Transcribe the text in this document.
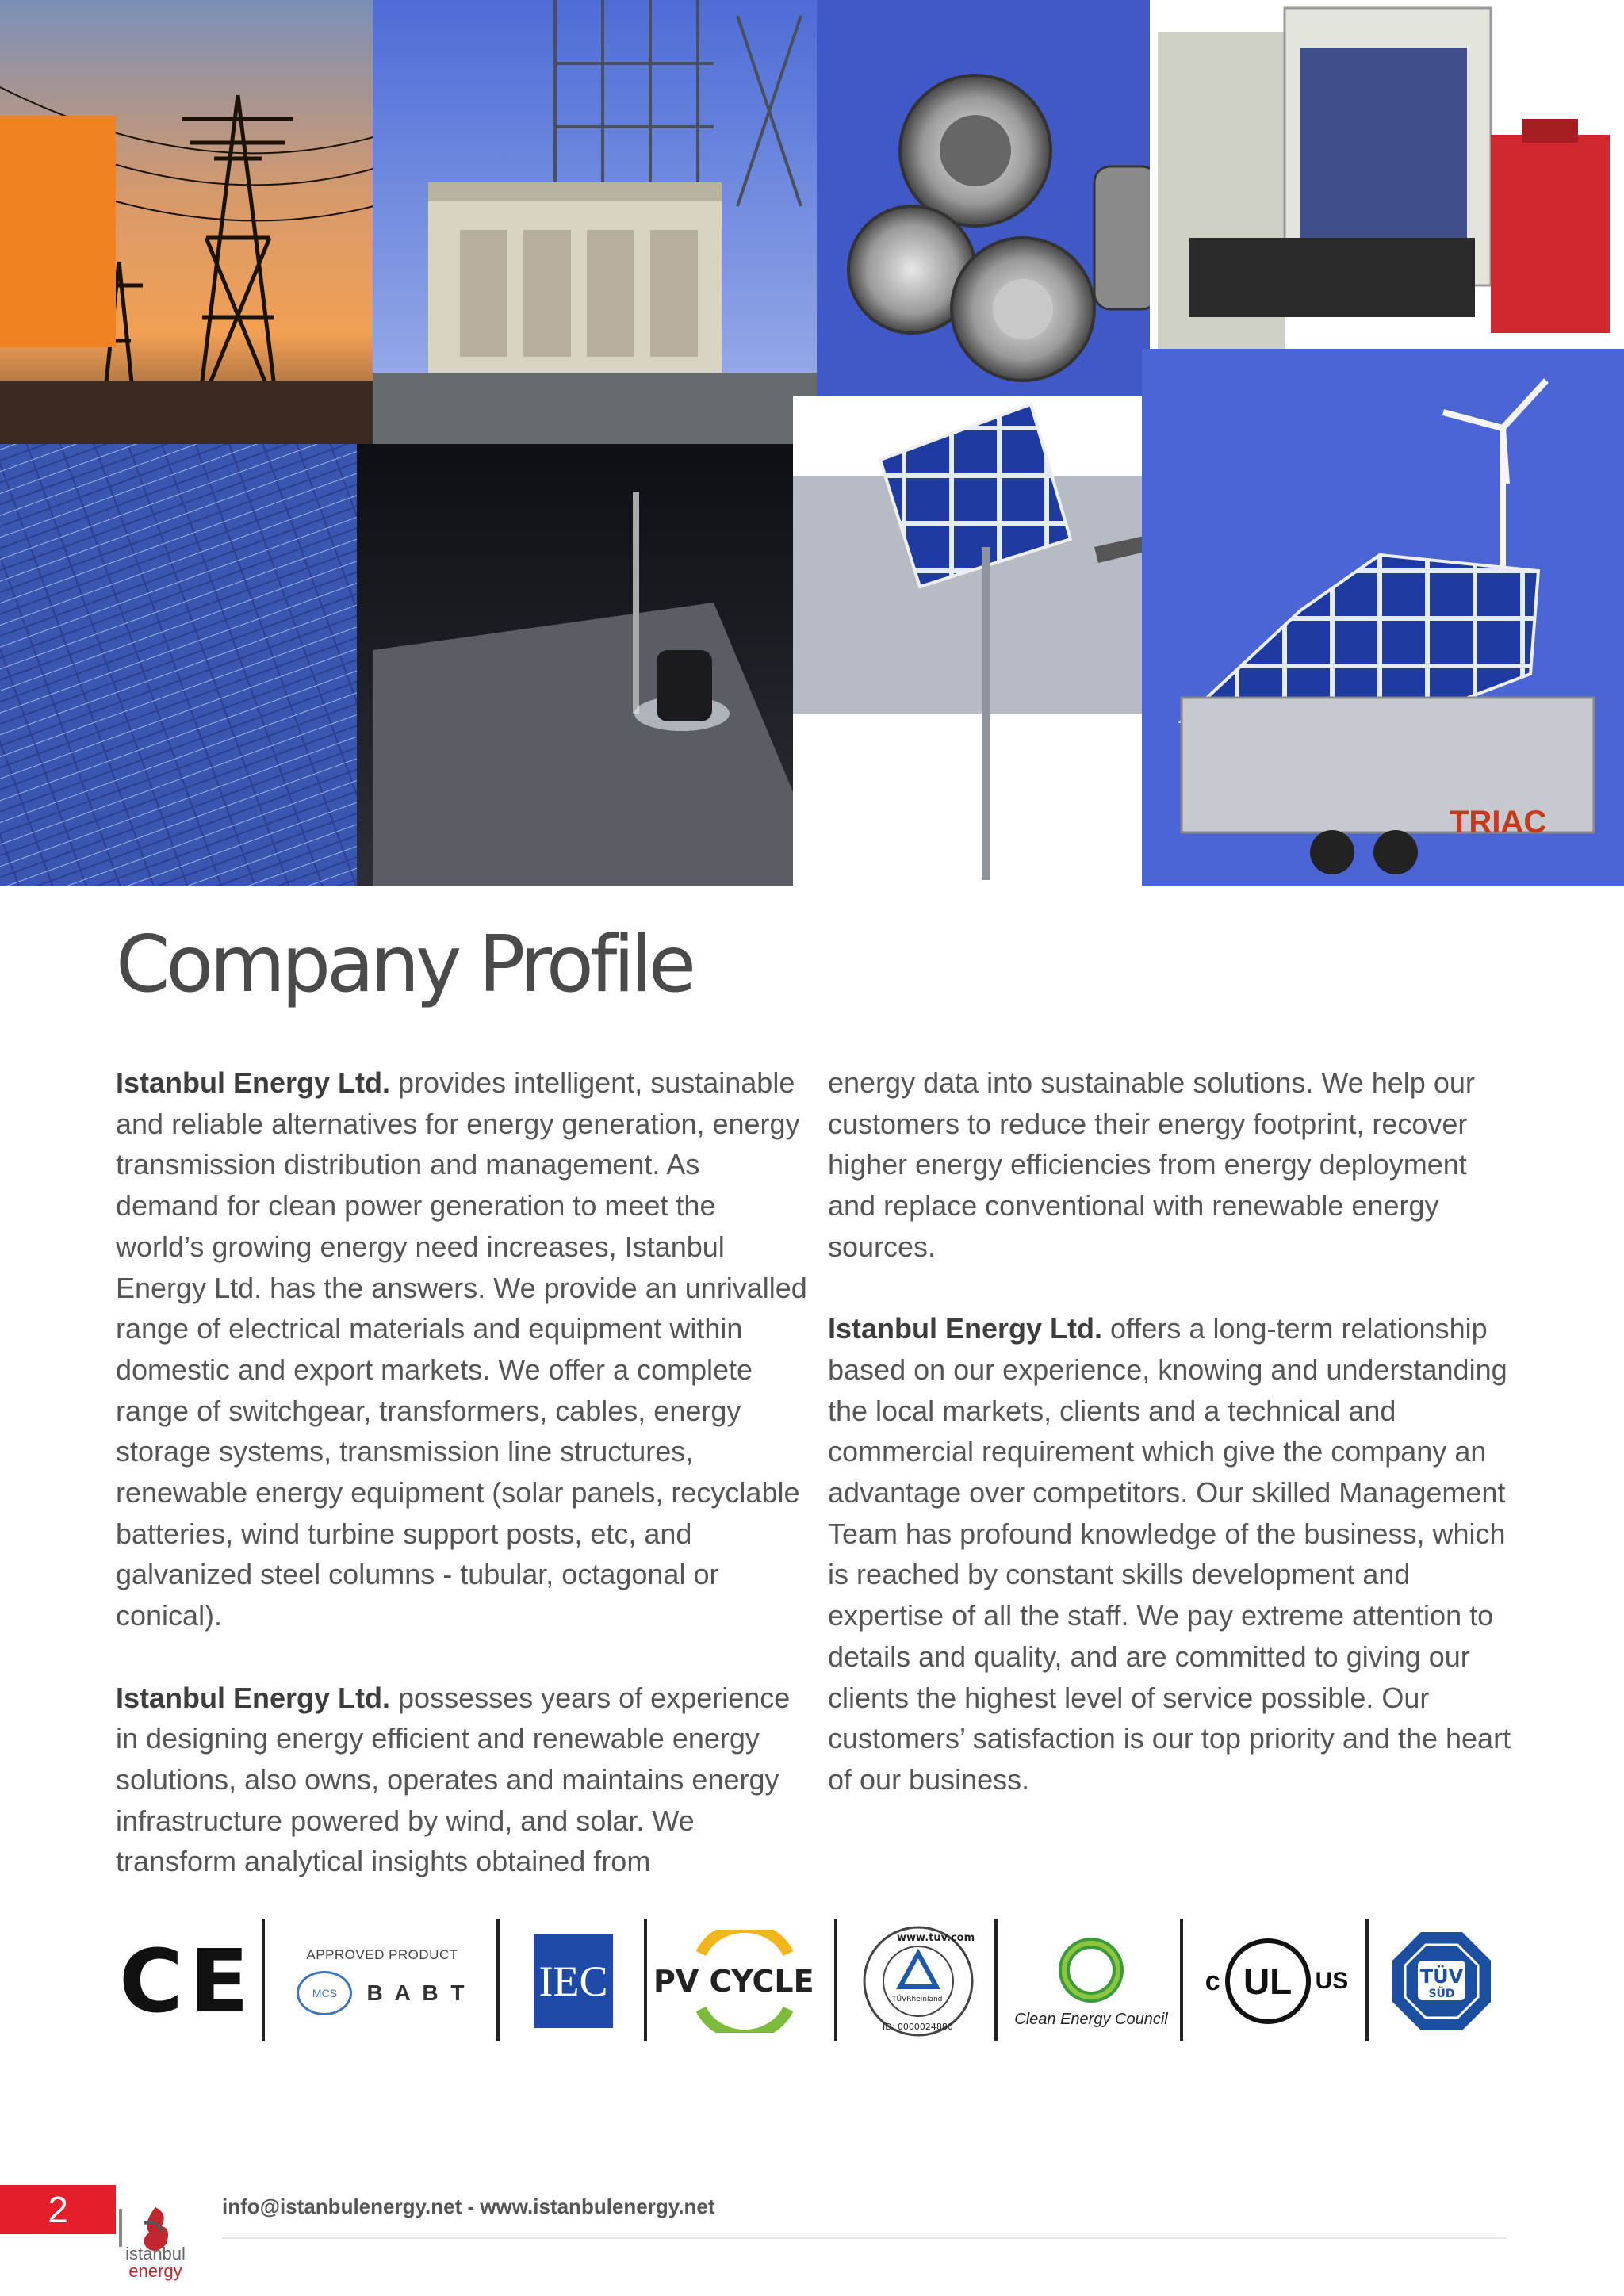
TRIAC
Company Profile

Istanbul Energy Ltd. provides intelligent, sustainable and reliable alternatives for energy generation, energy transmission distribution and management. As demand for clean power generation to meet the world’s growing energy need increases, Istanbul Energy Ltd. has the answers. We provide an unrivalled range of electrical materials and equipment within domestic and export markets. We offer a complete range of switchgear, transformers, cables, energy storage systems, transmission line structures, renewable energy equipment (solar panels, recyclable batteries, wind turbine support posts, etc, and galvanized steel columns - tubular, octagonal or conical).

Istanbul Energy Ltd. possesses years of experience in designing energy efficient and renewable energy solutions, also owns, operates and maintains energy infrastructure powered by wind, and solar. We transform analytical insights obtained from

energy data into sustainable solutions. We help our customers to reduce their energy footprint, recover higher energy efficiencies from energy deployment and replace conventional with renewable energy sources.

Istanbul Energy Ltd. offers a long-term relationship based on our experience, knowing and understanding the local markets, clients and a technical and commercial requirement which give the company an advantage over competitors. Our skilled Management Team has profound knowledge of the business, which is reached by constant skills development and expertise of all the staff. We pay extreme attention to details and quality, and are committed to giving our clients the highest level of service possible. Our customers’ satisfaction is our top priority and the heart of our business.

CE	APPROVED PRODUCT
MCS B A B T IEC PV CYCLE
www.tuv.com
TÜVRheinland
ID: 0000024880	Clean Energy Council
c UL US	TÜV
SÜD
2
istanbul
energy
info@istanbulenergy.net - www.istanbulenergy.net
